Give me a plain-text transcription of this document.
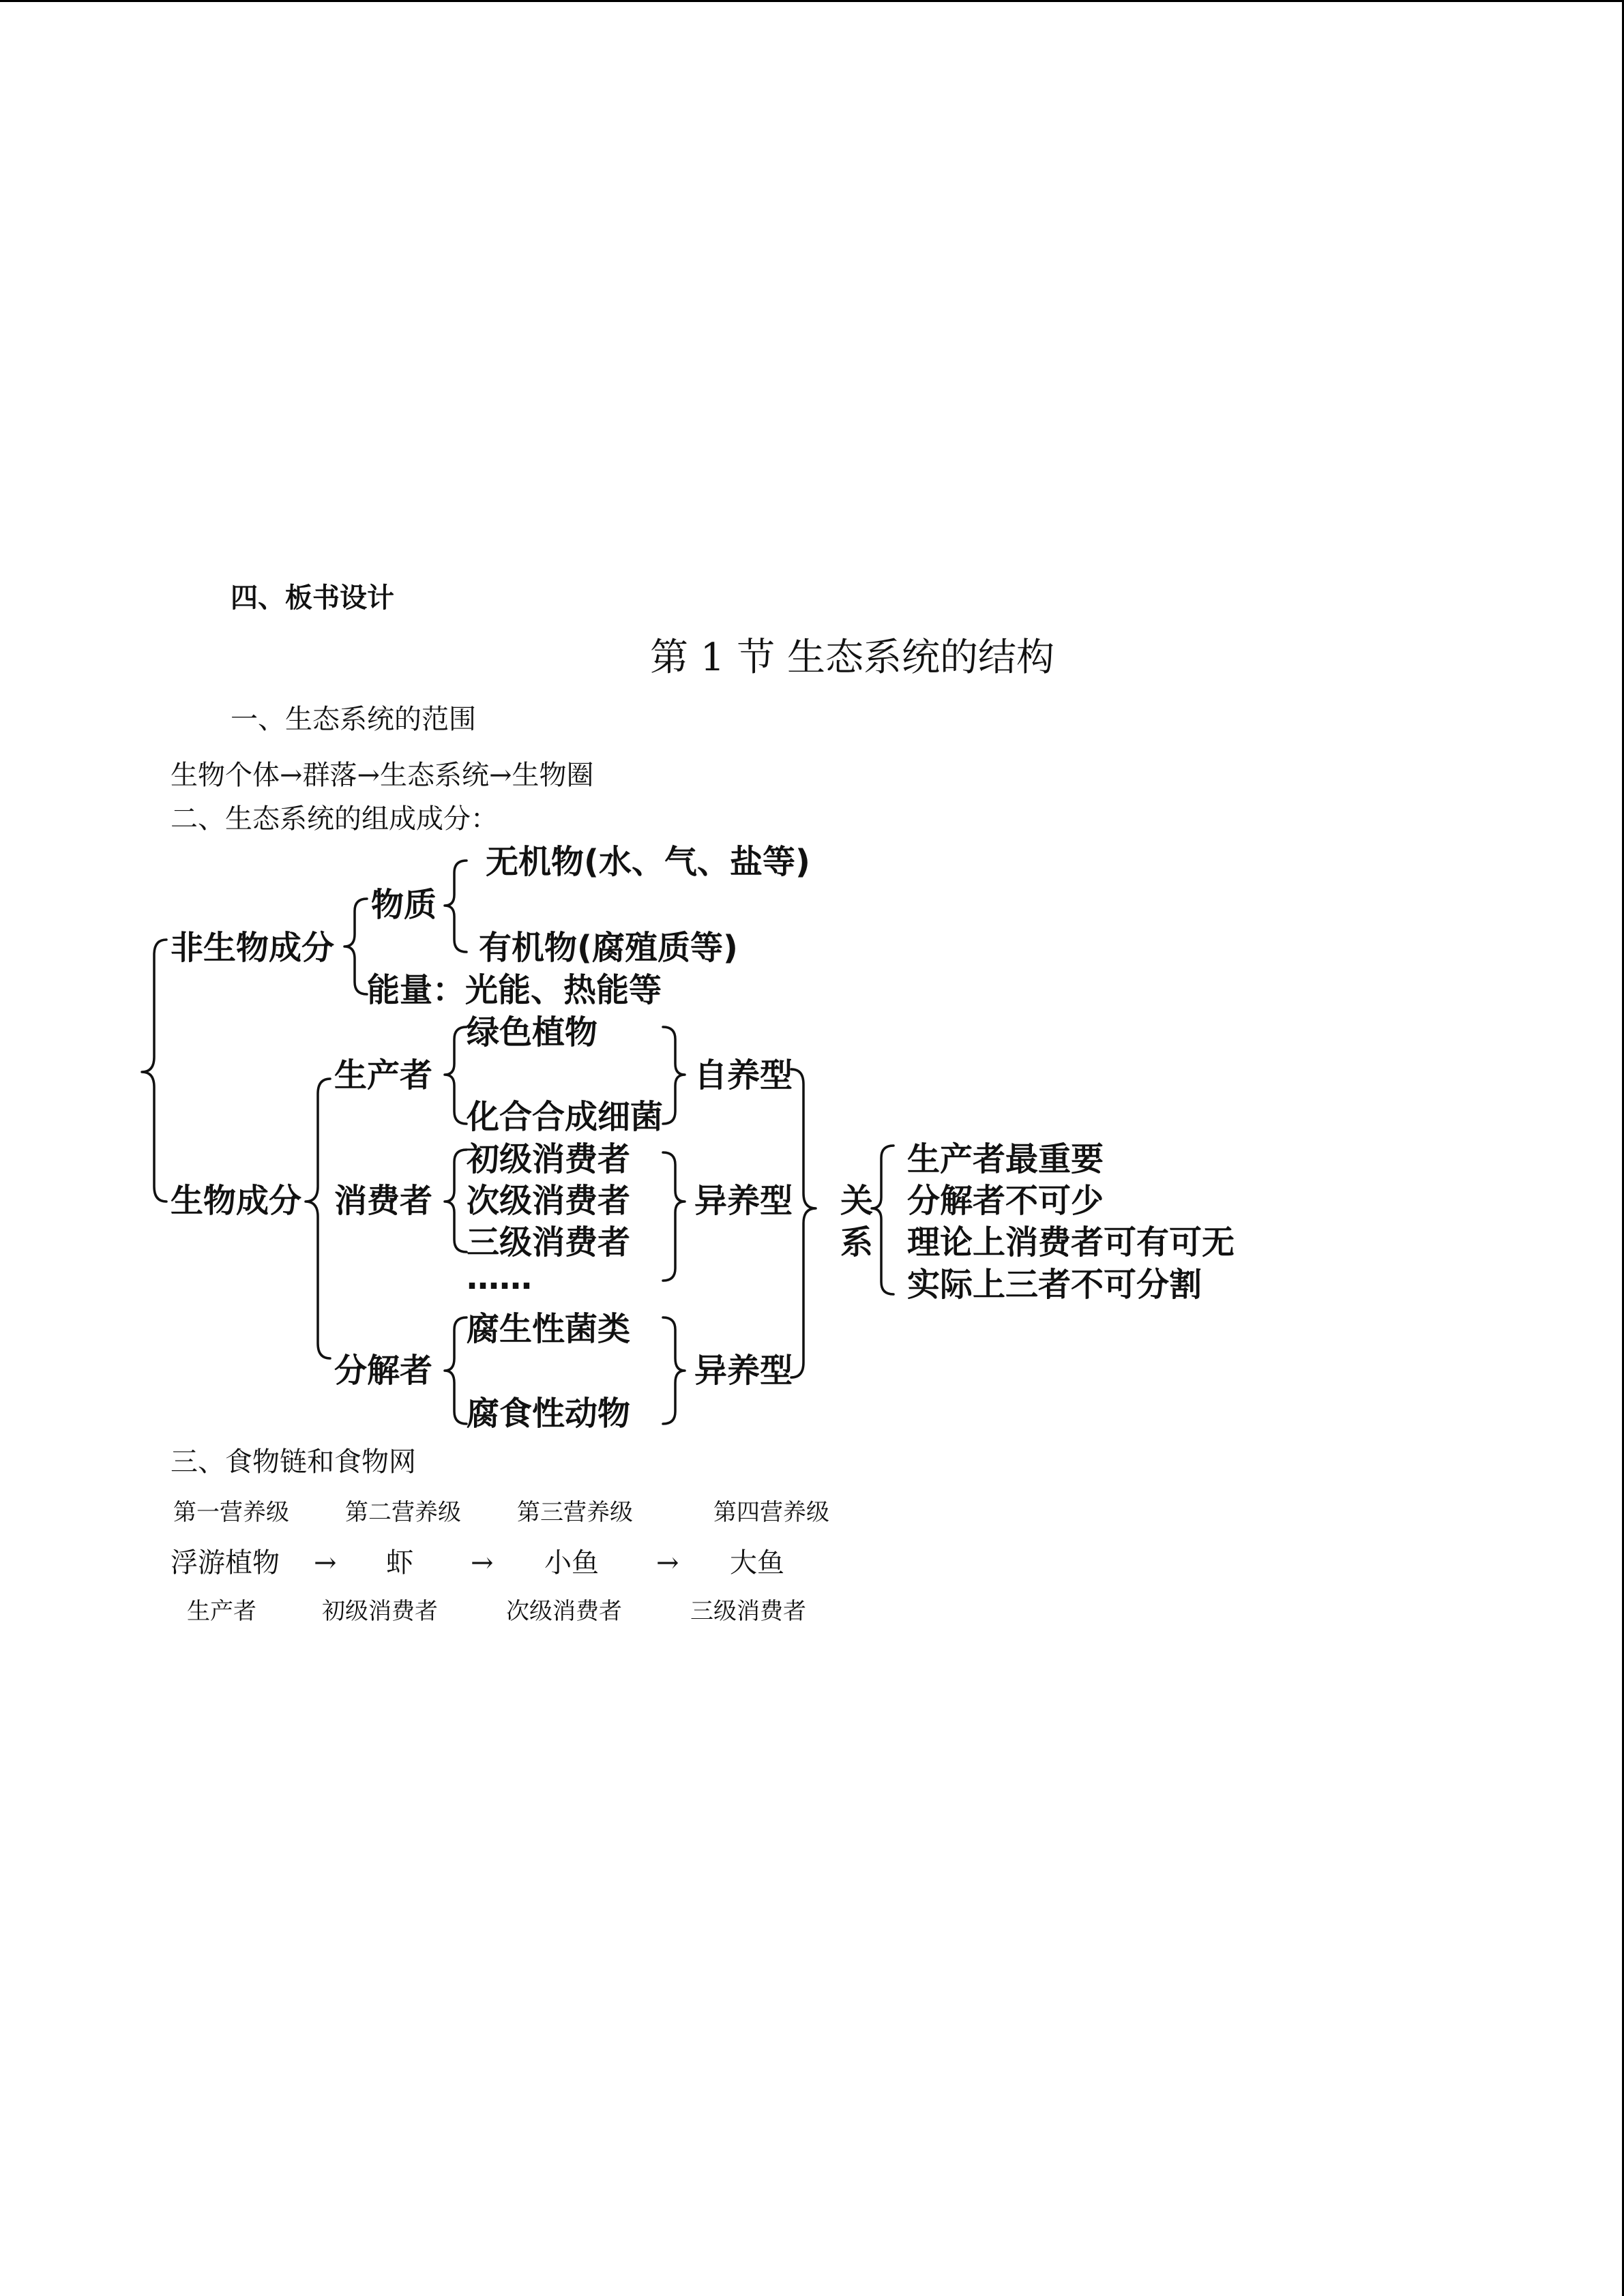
四、板书设计
第 1 节 生态系统的结构
一、生态系统的范围
生物个体→群落→生态系统→生物圈
二、生态系统的组成成分：
非生物成分
物质
无机物(水、气、盐等)
有机物(腐殖质等)
能量：光能、热能等
生物成分
生产者
绿色植物
化合合成细菌
自养型
消费者
初级消费者
次级消费者
三级消费者
……
异养型
分解者
腐生性菌类
腐食性动物
异养型
关
系
生产者最重要
分解者不可少
理论上消费者可有可无
实际上三者不可分割
三、食物链和食物网
第一营养级 第二营养级 第三营养级	第四营养级
浮游植物 → 虾 → 小鱼 → 大鱼
生产者	初级消费者	次级消费者	三级消费者
